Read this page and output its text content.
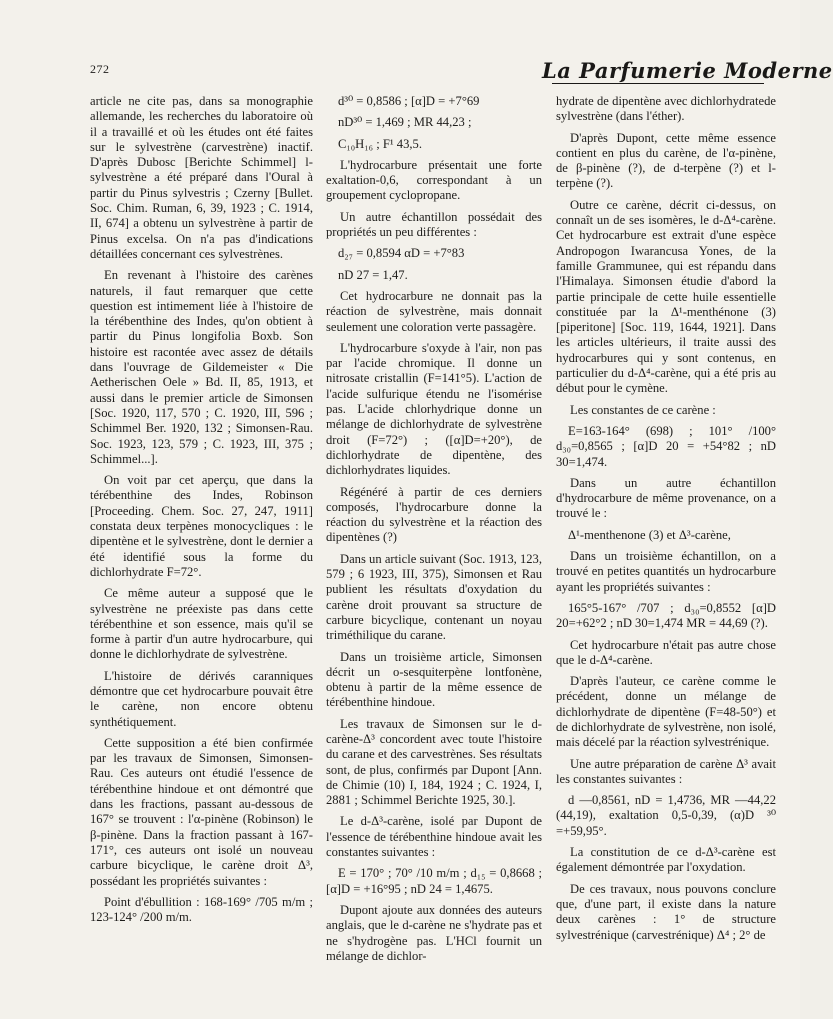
272	La Parfumerie Moderne

article ne cite pas, dans sa monographie allemande, les recherches du laboratoire où il a travaillé et où les études ont été faites sur le sylvestrène (carvestrène) inactif. D'après Dubosc [Berichte Schimmel] l-sylvestrène a été préparé dans l'Oural à partir du Pinus sylvestris ; Czerny [Bullet. Soc. Chim. Ruman, 6, 39, 1923 ; C. 1914, II, 674] a obtenu un sylvestrène à partir de Pinus excelsa. On n'a pas d'indications détaillées concernant ces sylvestrènes.

En revenant à l'histoire des carènes naturels, il faut remarquer que cette question est intimement liée à l'histoire de la térébenthine des Indes, qu'on obtient à partir du Pinus longifolia Boxb. Son histoire est racontée avec assez de détails dans l'ouvrage de Gildemeister « Die Aetherischen Oele » Bd. II, 85, 1913, et aussi dans le premier article de Simonsen [Soc. 1920, 117, 570 ; C. 1920, III, 596 ; Schimmel Ber. 1920, 132 ; Simonsen-Rau. Soc. 1923, 123, 579 ; C. 1923, III, 375 ; Schimmel...].

On voit par cet aperçu, que dans la térébenthine des Indes, Robinson [Proceeding. Chem. Soc. 27, 247, 1911] constata deux terpènes monocycliques : le dipentène et le sylvestrène, dont le dernier a été identifié sous la forme du dichlorhydrate F=72°.

Ce même auteur a supposé que le sylvestrène ne préexiste pas dans cette térébenthine et son essence, mais qu'il se forme à partir d'un autre hydrocarbure, qui donne le dichlorhydrate de sylvestrène.

L'histoire de dérivés caranniques démontre que cet hydrocarbure pouvait être le carène, non encore obtenu synthétiquement.

Cette supposition a été bien confirmée par les travaux de Simonsen, Simonsen-Rau. Ces auteurs ont étudié l'essence de térébenthine hindoue et ont démontré que dans les fractions, passant au-dessous de 167° se trouvent : l'α-pinène (Robinson) le β-pinène. Dans la fraction passant à 167-171°, ces auteurs ont isolé un nouveau carbure bicyclique, le carène droit Δ³, possédant les propriétés suivantes :

Point d'ébullition : 168-169° /705 m/m ; 123-124° /200 m/m.

d³⁰ = 0,8586 ; [α]D = +7°69

nD³⁰ = 1,469 ; MR 44,23 ;

C₁₀H₁₆ ; F¹ 43,5.

L'hydrocarbure présentait une forte exaltation-0,6, correspondant à un groupement cyclopropane.

Un autre échantillon possédait des propriétés un peu différentes :

d₂₇ = 0,8594 αD = +7°83

nD 27 = 1,47.

Cet hydrocarbure ne donnait pas la réaction de sylvestrène, mais donnait seulement une coloration verte passagère.

L'hydrocarbure s'oxyde à l'air, non pas par l'acide chromique. Il donne un nitrosate cristallin (F=141°5). L'action de l'acide sulfurique étendu ne l'isomérise pas. L'acide chlorhydrique donne un mélange de dichlorhydrate de sylvestrène droit (F=72°) ; ([α]D=+20°), de dichlorhydrate de dipentène, des dichlorhydrates liquides.

Régénéré à partir de ces derniers composés, l'hydrocarbure donne la réaction du sylvestrène et la réaction des dipentènes (?)

Dans un article suivant (Soc. 1913, 123, 579 ; 6 1923, III, 375), Simonsen et Rau publient les résultats d'oxydation du carène droit prouvant sa structure de carbure bicyclique, contenant un noyau triméthilique du carane.

Dans un troisième article, Simonsen décrit un o-sesquiterpène lontfonène, obtenu à partir de la même essence de térébenthine hindoue.

Les travaux de Simonsen sur le d-carène-Δ³ concordent avec toute l'histoire du carane et des carvestrènes. Ses résultats sont, de plus, confirmés par Dupont [Ann. de Chimie (10) I, 184, 1924 ; C. 1924, I, 2881 ; Schimmel Berichte 1925, 30.].

Le d-Δ³-carène, isolé par Dupont de l'essence de térébenthine hindoue avait les constantes suivantes :

E = 170° ; 70° /10 m/m ; d₁₅ = 0,8668 ; [α]D = +16°95 ; nD 24 = 1,4675.

Dupont ajoute aux données des auteurs anglais, que le d-carène ne s'hydrate pas et ne s'hydrogène pas. L'HCl fournit un mélange de dichlor-

hydrate de dipentène avec dichlorhydratede sylvestrène (dans l'éther).

D'après Dupont, cette même essence contient en plus du carène, de l'α-pinène, de β-pinène (?), de d-terpène (?) et l-terpène (?).

Outre ce carène, décrit ci-dessus, on connaît un de ses isomères, le d-Δ⁴-carène. Cet hydrocarbure est extrait d'une espèce Andropogon Iwarancusa Yones, de la famille Grammunee, qui est répandu dans l'Himalaya. Simonsen étudie d'abord la partie principale de cette huile essentielle constituée par la Δ¹-menthénone (3) [piperitone] [Soc. 119, 1644, 1921]. Dans les articles ultérieurs, il traite aussi des hydrocarbures qui y sont contenus, en particulier du d-Δ⁴-carène, qui a été pris au début pour le cymène.

Les constantes de ce carène :

E=163-164° (698) ; 101° /100° d₃₀=0,8565 ; [α]D 20 = +54°82 ; nD 30=1,474.

Dans un autre échantillon d'hydrocarbure de même provenance, on a trouvé le :

Δ¹-menthenone (3) et Δ³-carène,

Dans un troisième échantillon, on a trouvé en petites quantités un hydrocarbure ayant les propriétés suivantes :

165°5-167° /707 ; d₃₀=0,8552 [α]D 20=+62°2 ; nD 30=1,474 MR = 44,69 (?).

Cet hydrocarbure n'était pas autre chose que le d-Δ⁴-carène.

D'après l'auteur, ce carène comme le précédent, donne un mélange de dichlorhydrate de dipentène (F=48-50°) et de dichlorhydrate de sylvestrène, non isolé, mais décelé par la réaction sylvestrénique.

Une autre préparation de carène Δ³ avait les constantes suivantes :

d —0,8561, nD = 1,4736, MR —44,22 (44,19), exaltation 0,5-0,39, (α)D ³⁰ =+59,95°.

La constitution de ce d-Δ³-carène est également démontrée par l'oxydation.

De ces travaux, nous pouvons conclure que, d'une part, il existe dans la nature deux carènes : 1° de structure sylvestrénique (carvestrénique) Δ⁴ ; 2° de
